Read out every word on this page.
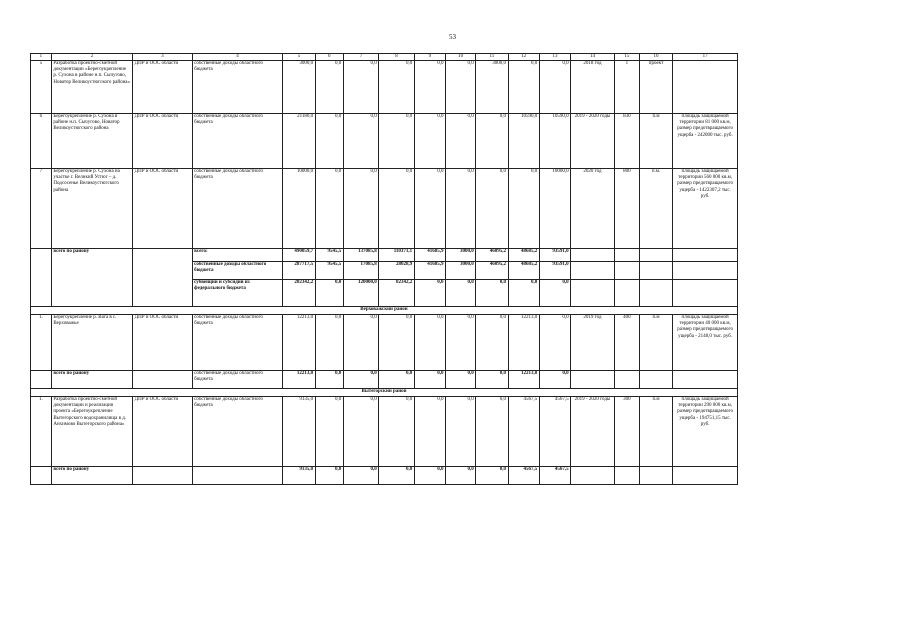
53
1	2	3	4	5	6	7	8	9	10	11	12	13	14	15	16	17
5	Разработка проектно-сметной документации «Берегоукрепление р. Сухона в районе н.п. Сычугово, Новатор Великоустюгского района»	ДПР и ООС области	собственные доходы областного бюджета	3000,0	0,0	0,0	0,0	0,0	0,0	3000,0	0,0	0,0	2018 год	1	проект	
6	Берегоукрепление р. Сухона в районе н.п. Сычугово, Новатор Великоустюгского района	ДПР и ООС области	собственные доходы областного бюджета	21180,0	0,0	0,0	0,0	0,0	0,0	0,0	10590,0	10590,0	2019 - 2020 годы	830	п.м	площадь защищаемой территории 81 000 кв.м, размер предотвращаемого ущерба - 242000 тыс. руб.
7	Берегоукрепление р. Сухона на участке г. Великий Устюг – д. Подсосенье Великоустюгского района	ДПР и ООС области	собственные доходы областного бюджета	10000,0	0,0	0,0	0,0	0,0	0,0	0,0	0,0	10000,0	2020 год	800	п.м.	площадь защищаемой территории 560 000 кв.м, размер предотвращаемого ущерба - 1422307,2 тыс. руб.
	всего по району		всего:	490059,7	9545,5	137085,8	110371,1	41685,9	3000,0	46095,2	48685,2	93591,0				
			собственные доходы областного бюджета	287717,5	9545,5	17085,8	28028,9	41685,9	3000,0	46095,2	48685,2	93591,0				
			субвенции и субсидии из федерального бюджета	202342,2	0,0	120000,0	82342,2	0,0	0,0	0,0	0,0	0,0				
Верховажский район																
1.	Берегоукрепление р. Вага в с. Верховажье	ДПР и ООС области	собственные доходы областного бюджета	12213,0	0,0	0,0	0,0	0,0	0,0	0,0	12213,0	0,0	2019 год	400	п.м	площадь защищаемой территории 40 000 кв.м, размер предотвращаемого ущерба - 2148,0 тыс. руб.
	всего по району		собственные доходы областного бюджета	12213,0	0,0	0,0	0,0	0,0	0,0	0,0	12213,0	0,0				
Вытегорский район																
1.	Разработка проектно-сметной документации и реализация проекта «Берегоукрепление Вытегорского водохранилища в д. Анхимово Вытегорского района»	ДПР и ООС области	собственные доходы областного бюджета	9135,0	0,0	0,0	0,0	0,0	0,0	0,0	4567,5	4567,5	2019 - 2020 годы	300	п.м	площадь защищаемой территории 290 000 кв.м, размер предотвращаемого ущерба - 194751,15 тыс. руб.
	всего по району			9135,0	0,0	0,0	0,0	0,0	0,0	0,0	4567,5	4567,5				
